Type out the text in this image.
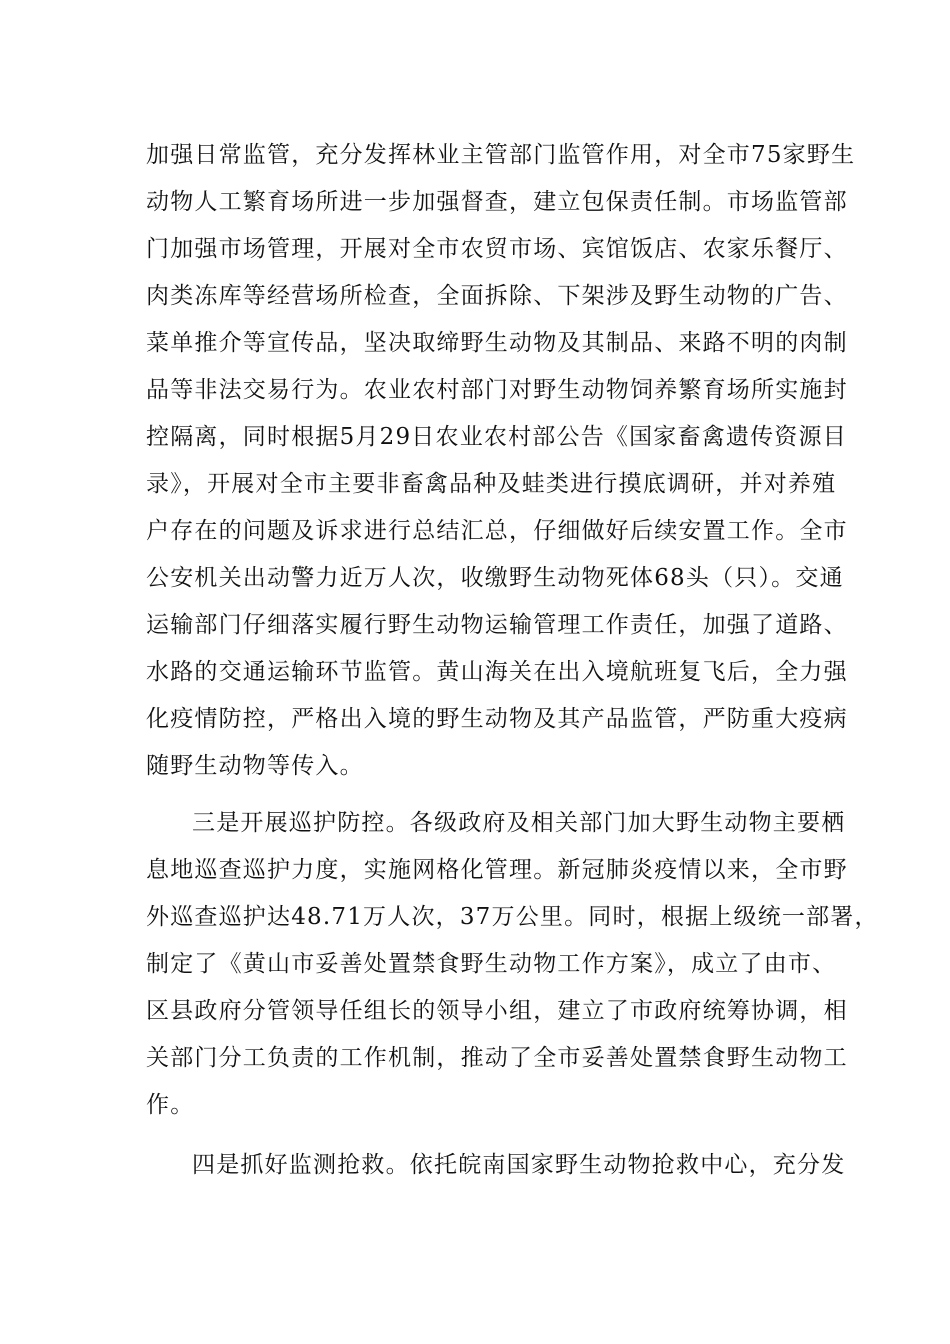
加强日常监管，充分发挥林业主管部门监管作用，对全市75家野生
动物人工繁育场所进一步加强督查，建立包保责任制。市场监管部
门加强市场管理，开展对全市农贸市场、宾馆饭店、农家乐餐厅、
肉类冻库等经营场所检查，全面拆除、下架涉及野生动物的广告、
菜单推介等宣传品，坚决取缔野生动物及其制品、来路不明的肉制
品等非法交易行为。农业农村部门对野生动物饲养繁育场所实施封
控隔离，同时根据5月29日农业农村部公告《国家畜禽遗传资源目
录》，开展对全市主要非畜禽品种及蛙类进行摸底调研，并对养殖
户存在的问题及诉求进行总结汇总，仔细做好后续安置工作。全市
公安机关出动警力近万人次，收缴野生动物死体68头（只）。交通
运输部门仔细落实履行野生动物运输管理工作责任，加强了道路、
水路的交通运输环节监管。黄山海关在出入境航班复飞后，全力强
化疫情防控，严格出入境的野生动物及其产品监管，严防重大疫病
随野生动物等传入。
三是开展巡护防控。各级政府及相关部门加大野生动物主要栖
息地巡查巡护力度，实施网格化管理。新冠肺炎疫情以来，全市野
外巡查巡护达48.71万人次，37万公里。同时，根据上级统一部署，
制定了《黄山市妥善处置禁食野生动物工作方案》，成立了由市、
区县政府分管领导任组长的领导小组，建立了市政府统筹协调，相
关部门分工负责的工作机制，推动了全市妥善处置禁食野生动物工
作。
四是抓好监测抢救。依托皖南国家野生动物抢救中心，充分发
